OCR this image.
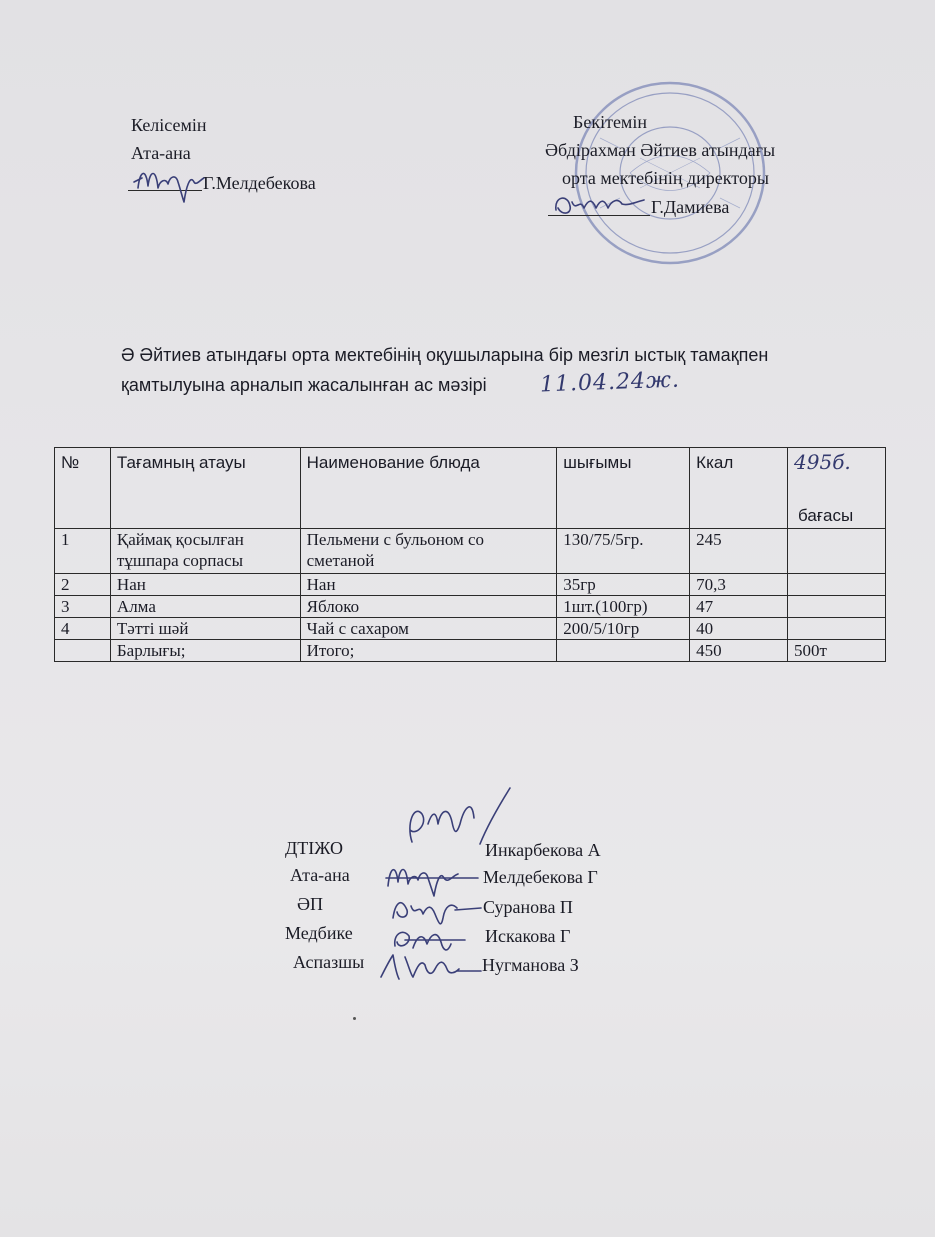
Келісемін
Ата-ана
Г.Мелдебекова
Бекітемін
Әбдірахман Әйтиев атындағы
орта мектебінің директоры
Г.Дамиева
Ә Әйтиев атындағы орта мектебінің оқушыларына бір мезгіл ыстық тамақпен
қамтылуына арналып жасалынған ас мәзірі 11.04.24ж.
№	Тағамның атауы	Наименование блюда	шығымы	Ккал	495б.
бағасы

1	Қаймақ қосылған тұшпара сорпасы	Пельмени с бульоном со сметаной	130/75/5гр.	245	
2	Нан	Нан	35гр	70,3	
3	Алма	Яблоко	1шт.(100гр)	47	
4	Тәтті шәй	Чай с сахаром	200/5/10гр	40	
	Барлығы;	Итого;		450	500т
ДТІЖО	Инкарбекова А
Ата-ана	Мелдебекова Г
ӘП	Суранова П
Медбике	Искакова Г
Аспазшы	Нугманова З
